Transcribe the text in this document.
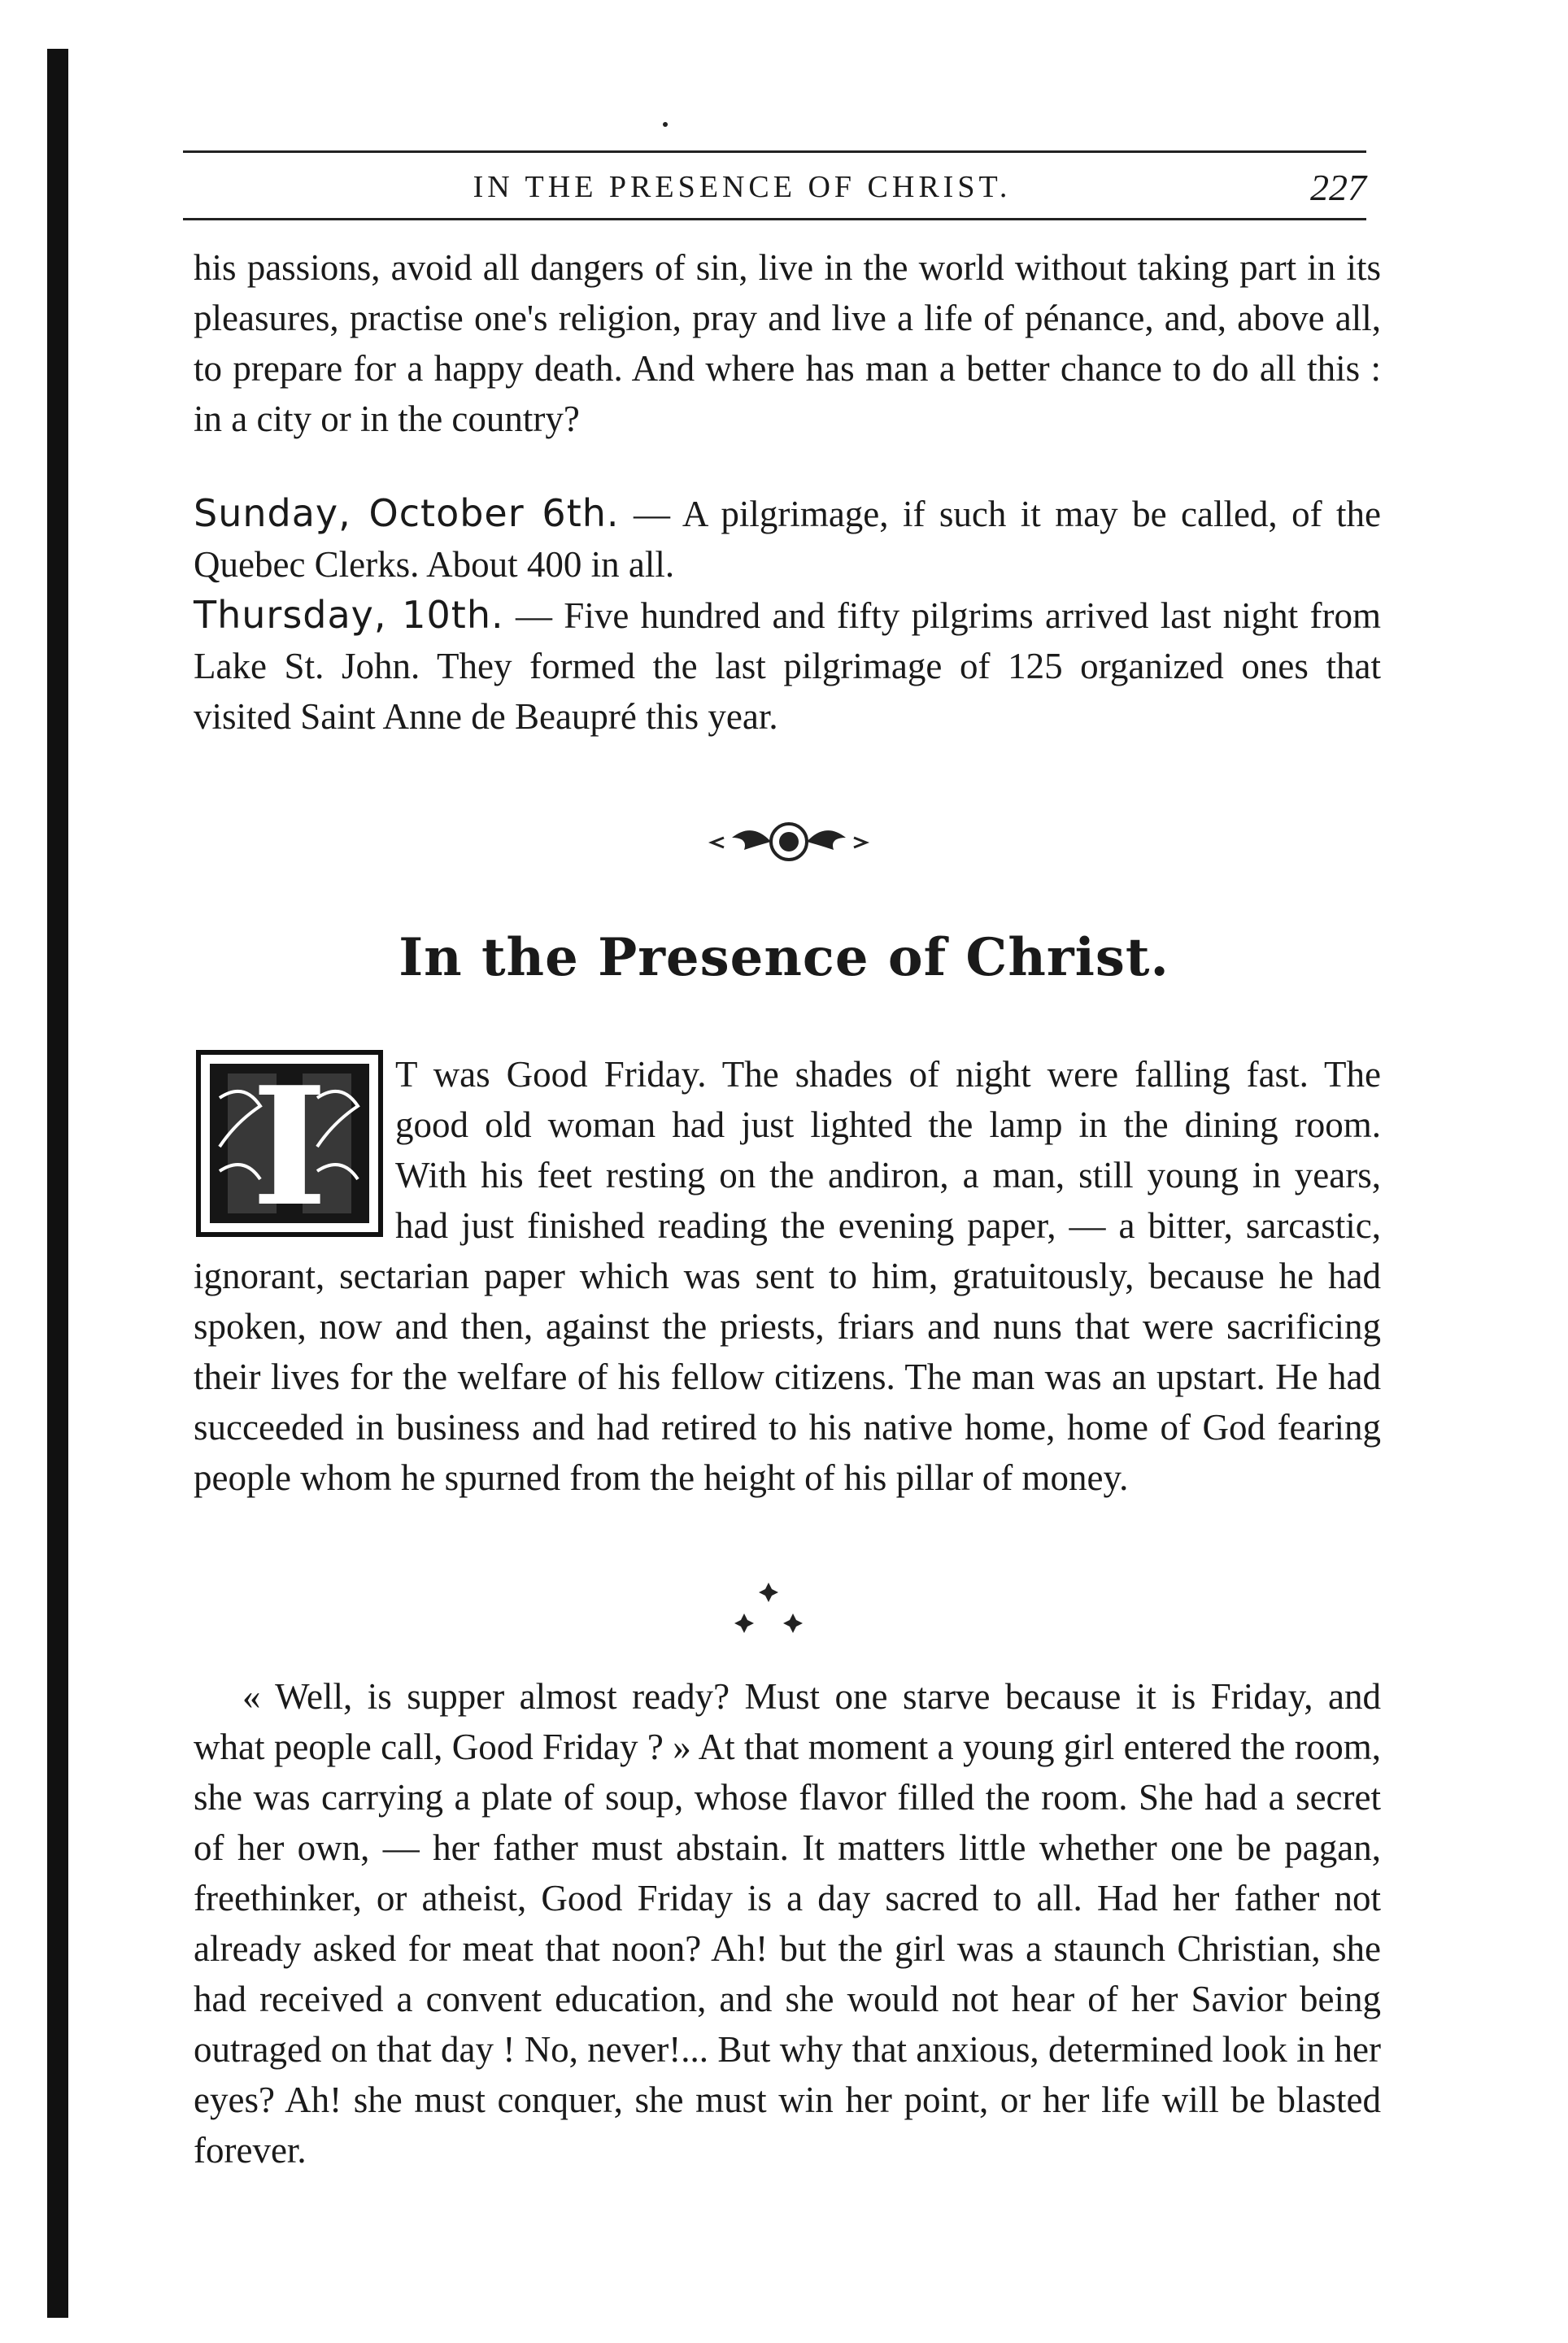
IN THE PRESENCE OF CHRIST.	227
his passions, avoid all dangers of sin, live in the world without taking part in its pleasures, practise one's religion, pray and live a life of pénance, and, above all, to prepare for a happy death. And where has man a better chance to do all this : in a city or in the country?

Sunday, October 6th. — A pilgrimage, if such it may be called, of the Quebec Clerks. About 400 in all.

Thursday, 10th. — Five hundred and fifty pilgrims arrived last night from Lake St. John. They formed the last pilgrimage of 125 organized ones that visited Saint Anne de Beaupré this year.

In the Presence of Christ.
I	T was Good Friday. The shades of night were falling fast. The good old woman had just lighted the lamp in the dining room. With his feet resting on the andiron, a man, still young in years, had just finished reading the evening paper, — a bitter, sarcastic, ignorant, sectarian paper which was sent to him, gratuitously, because he had spoken, now and then, against the priests, friars and nuns that were sacrificing their lives for the welfare of his fellow citizens. The man was an upstart. He had succeeded in business and had retired to his native home, home of God fearing people whom he spurned from the height of his pillar of money.

« Well, is supper almost ready? Must one starve because it is Friday, and what people call, Good Friday ? » At that moment a young girl entered the room, she was carrying a plate of soup, whose flavor filled the room. She had a secret of her own, — her father must abstain. It matters little whether one be pagan, freethinker, or atheist, Good Friday is a day sacred to all. Had her father not already asked for meat that noon? Ah! but the girl was a staunch Christian, she had received a convent education, and she would not hear of her Savior being outraged on that day ! No, never!... But why that anxious, determined look in her eyes? Ah! she must conquer, she must win her point, or her life will be blasted forever.
